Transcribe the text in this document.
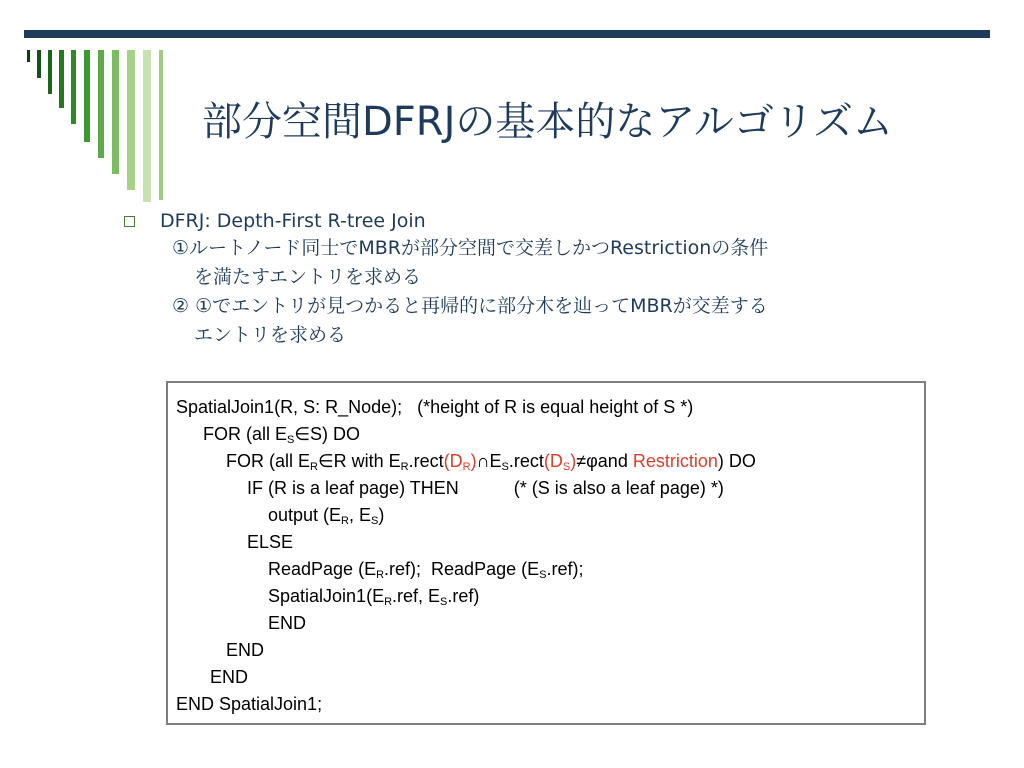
部分空間DFRJの基本的なアルゴリズム
DFRJ: Depth-First R-tree Join
①ルートノード同士でMBRが部分空間で交差しかつRestrictionの条件
を満たすエントリを求める
② ①でエントリが見つかると再帰的に部分木を辿ってMBRが交差する
エントリを求める
SpatialJoin1(R, S: R_Node);   (*height of R is equal height of S *)
FOR (all $E_S\in S$) DO
FOR (all $E_R\in R$ with $E_R.rect(D_R)\cap E_S.rect(D_S)\ne\varphi and$ Restriction) DO
IF (R is a leaf page) THEN           (* (S is also a leaf page) *)
output ($E_R$, $E_S$)
ELSE
ReadPage $(E_R.ref)$;  ReadPage $(E_S.ref)$;
$SpatialJoin1(E_R.ref$, $E_S.ref$)
END
END
END
END SpatialJoin1;
